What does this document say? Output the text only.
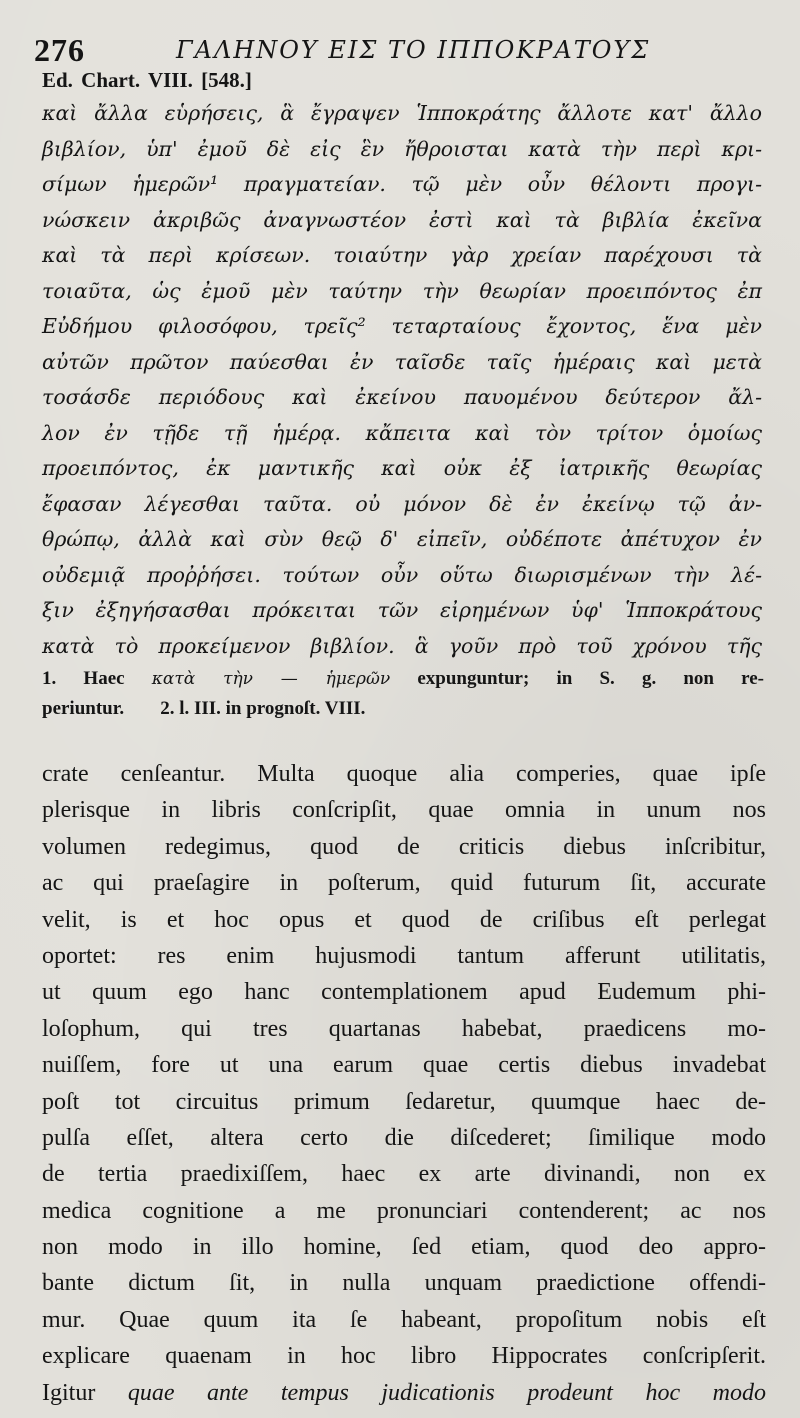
276	ΓΑΛΗΝΟΥ ΕΙΣ ΤΟ ΙΠΠΟΚΡΑΤΟΥΣ
Ed. Chart. VIII. [548.]
καὶ ἄλλα εὑρήσεις, ἃ ἔγραψεν Ἱπποκράτης ἄλλοτε κατ' ἄλλο
βιβλίον, ὑπ' ἐμοῦ δὲ εἰς ἓν ἤθροισται κατὰ τὴν περὶ κρι-
σίμων ἡμερῶν¹ πραγματείαν. τῷ μὲν οὖν θέλοντι προγι-
νώσκειν ἀκριβῶς ἀναγνωστέον ἐστὶ καὶ τὰ βιβλία ἐκεῖνα
καὶ τὰ περὶ κρίσεων. τοιαύτην γὰρ χρείαν παρέχουσι τὰ
τοιαῦτα, ὡς ἐμοῦ μὲν ταύτην τὴν θεωρίαν προειπόντος ἐπ
Εὐδήμου φιλοσόφου, τρεῖς² τεταρταίους ἔχοντος, ἕνα μὲν
αὐτῶν πρῶτον παύεσθαι ἐν ταῖσδε ταῖς ἡμέραις καὶ μετὰ
τοσάσδε περιόδους καὶ ἐκείνου παυομένου δεύτερον ἄλ-
λον ἐν τῇδε τῇ ἡμέρᾳ. κἄπειτα καὶ τὸν τρίτον ὁμοίως
προειπόντος, ἐκ μαντικῆς καὶ οὐκ ἐξ ἰατρικῆς θεωρίας
ἔφασαν λέγεσθαι ταῦτα. οὐ μόνον δὲ ἐν ἐκείνῳ τῷ ἀν-
θρώπῳ, ἀλλὰ καὶ σὺν θεῷ δ' εἰπεῖν, οὐδέποτε ἀπέτυχον ἐν
οὐδεμιᾷ προῤῥήσει. τούτων οὖν οὕτω διωρισμένων τὴν λέ-
ξιν ἐξηγήσασθαι πρόκειται τῶν εἰρημένων ὑφ' Ἱπποκράτους
κατὰ τὸ προκείμενον βιβλίον. ἃ γοῦν πρὸ τοῦ χρόνου τῆς
1. Haec κατὰ τὴν — ἡμερῶν expunguntur; in S. g. non re-
periuntur. 2. l. III. in prognoſt. VIII.
crate cenſeantur. Multa quoque alia comperies, quae ipſe
plerisque in libris conſcripſit, quae omnia in unum nos
volumen redegimus, quod de criticis diebus inſcribitur,
ac qui praeſagire in poſterum, quid futurum ſit, accurate
velit, is et hoc opus et quod de criſibus eſt perlegat
oportet: res enim hujusmodi tantum afferunt utilitatis,
ut quum ego hanc contemplationem apud Eudemum phi-
loſophum, qui tres quartanas habebat, praedicens mo-
nuiſſem, fore ut una earum quae certis diebus invadebat
poſt tot circuitus primum ſedaretur, quumque haec de-
pulſa eſſet, altera certo die diſcederet; ſimilique modo
de tertia praedixiſſem, haec ex arte divinandi, non ex
medica cognitione a me pronunciari contenderent; ac nos
non modo in illo homine, ſed etiam, quod deo appro-
bante dictum ſit, in nulla unquam praedictione offendi-
mur. Quae quum ita ſe habeant, propoſitum nobis eſt
explicare quaenam in hoc libro Hippocrates conſcripſerit.
Igitur quae ante tempus judicationis prodeunt hoc modo
